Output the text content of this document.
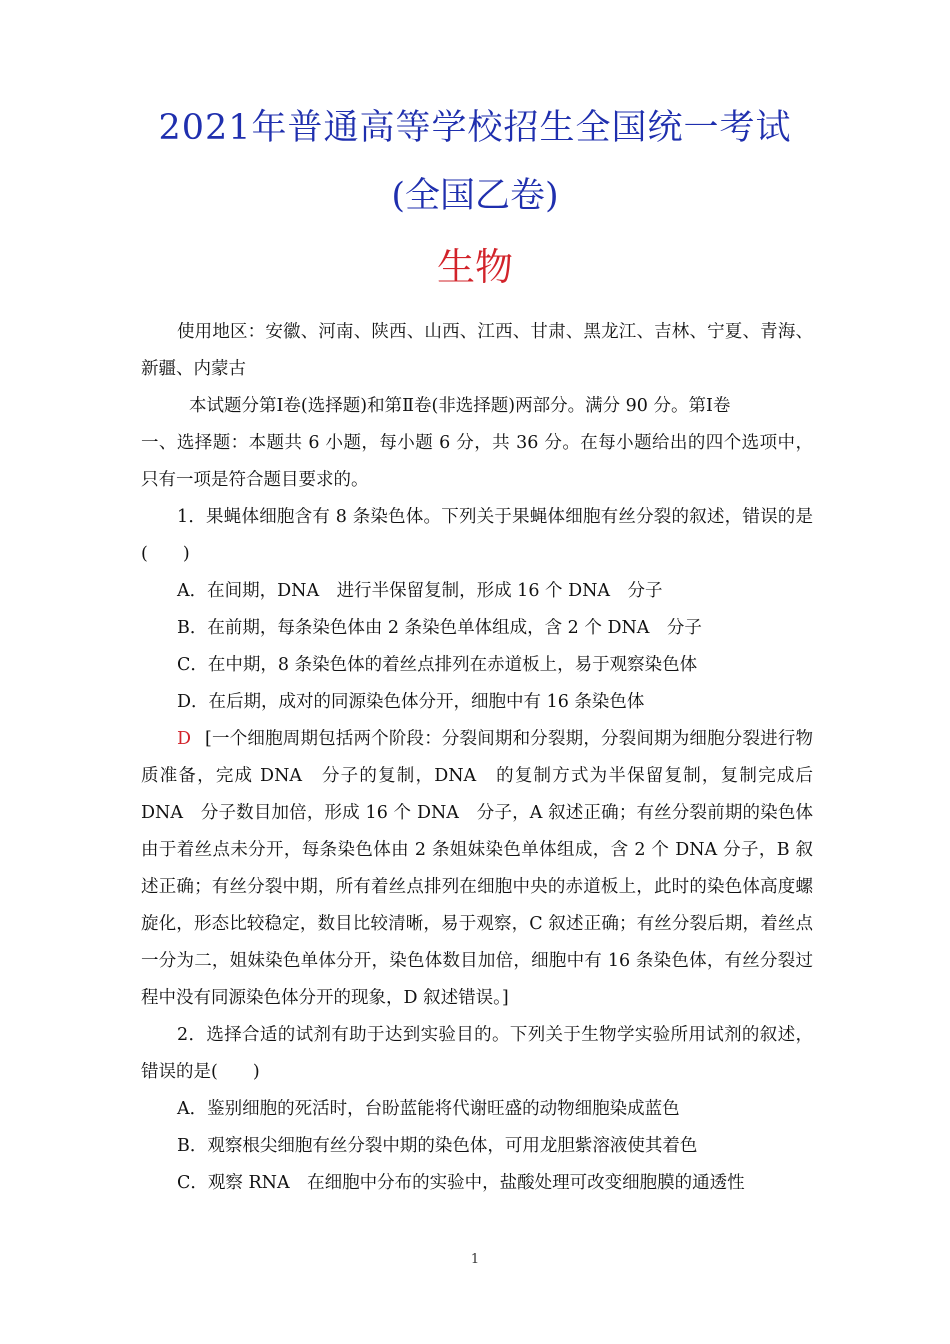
2021年普通高等学校招生全国统一考试
(全国乙卷)
生物

使用地区：安徽、河南、陕西、山西、江西、甘肃、黑龙江、吉林、宁夏、青海、新疆、内蒙古

本试题分第Ⅰ卷(选择题)和第Ⅱ卷(非选择题)两部分。满分 90 分。第Ⅰ卷

一、选择题：本题共 6 小题，每小题 6 分，共 36 分。在每小题给出的四个选项中，只有一项是符合题目要求的。

1．果蝇体细胞含有 8 条染色体。下列关于果蝇体细胞有丝分裂的叙述，错误的是(　　)

A．在间期，DNA　进行半保留复制，形成 16 个 DNA　分子

B．在前期，每条染色体由 2 条染色单体组成，含 2 个 DNA　分子

C．在中期，8 条染色体的着丝点排列在赤道板上，易于观察染色体

D．在后期，成对的同源染色体分开，细胞中有 16 条染色体

D [一个细胞周期包括两个阶段：分裂间期和分裂期，分裂间期为细胞分裂进行物质准备，完成 DNA　分子的复制，DNA　的复制方式为半保留复制，复制完成后 DNA　分子数目加倍，形成 16 个 DNA　分子，A 叙述正确；有丝分裂前期的染色体由于着丝点未分开，每条染色体由 2 条姐妹染色单体组成，含 2 个 DNA 分子，B 叙述正确；有丝分裂中期，所有着丝点排列在细胞中央的赤道板上，此时的染色体高度螺旋化，形态比较稳定，数目比较清晰，易于观察，C 叙述正确；有丝分裂后期，着丝点一分为二，姐妹染色单体分开，染色体数目加倍，细胞中有 16 条染色体，有丝分裂过程中没有同源染色体分开的现象，D 叙述错误。]

2．选择合适的试剂有助于达到实验目的。下列关于生物学实验所用试剂的叙述，错误的是(　　)

A．鉴别细胞的死活时，台盼蓝能将代谢旺盛的动物细胞染成蓝色

B．观察根尖细胞有丝分裂中期的染色体，可用龙胆紫溶液使其着色

C．观察 RNA　在细胞中分布的实验中，盐酸处理可改变细胞膜的通透性

1
